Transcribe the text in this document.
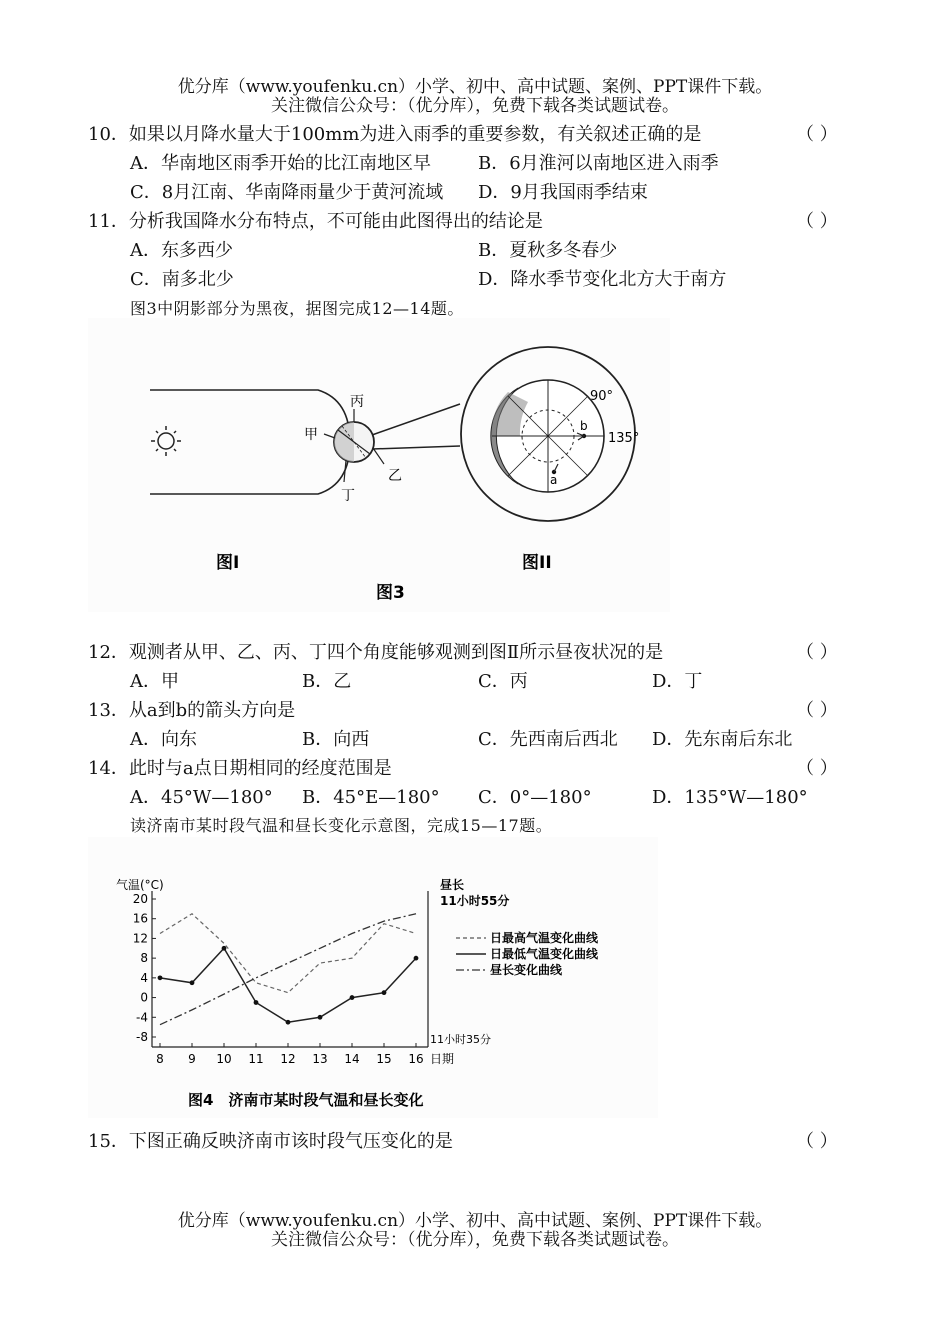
优分库（www.youfenku.cn）小学、初中、高中试题、案例、PPT课件下载。
关注微信公众号：（优分库），免费下载各类试题试卷。
10．如果以月降水量大于100mm为进入雨季的重要参数，有关叙述正确的是	（ ）
A．华南地区雨季开始的比江南地区早	B．6月淮河以南地区进入雨季
C．8月江南、华南降雨量少于黄河流域 D．9月我国雨季结束
11．分析我国降水分布特点，不可能由此图得出的结论是	（ ）
A．东多西少	B．夏秋多冬春少
C．南多北少	D．降水季节变化北方大于南方
图3中阴影部分为黑夜，据图完成12—14题。
丙
甲
乙
丁
90°
135°
a
b
图I	图II
图3
12．观测者从甲、乙、丙、丁四个角度能够观测到图Ⅱ所示昼夜状况的是	（ ）
A．甲	B．乙	C．丙	D．丁
13．从a到b的箭头方向是	（ ）
A．向东	B．向西	C．先西南后西北 D．先东南后东北
14．此时与a点日期相同的经度范围是	（ ）
A．45°W—180° B．45°E—180° C．0°—180°	D．135°W—180°
读济南市某时段气温和昼长变化示意图，完成15—17题。
气温(°C)	昼长
11小时55分
11小时35分
日期
图4　济南市某时段气温和昼长变化
日最高气温变化曲线
日最低气温变化曲线
昼长变化曲线
20
16
12
8
4
0
-4
-8
8 9 10 11 12 13 14 15 16
15．下图正确反映济南市该时段气压变化的是	（ ）
优分库（www.youfenku.cn）小学、初中、高中试题、案例、PPT课件下载。
关注微信公众号：（优分库），免费下载各类试题试卷。
